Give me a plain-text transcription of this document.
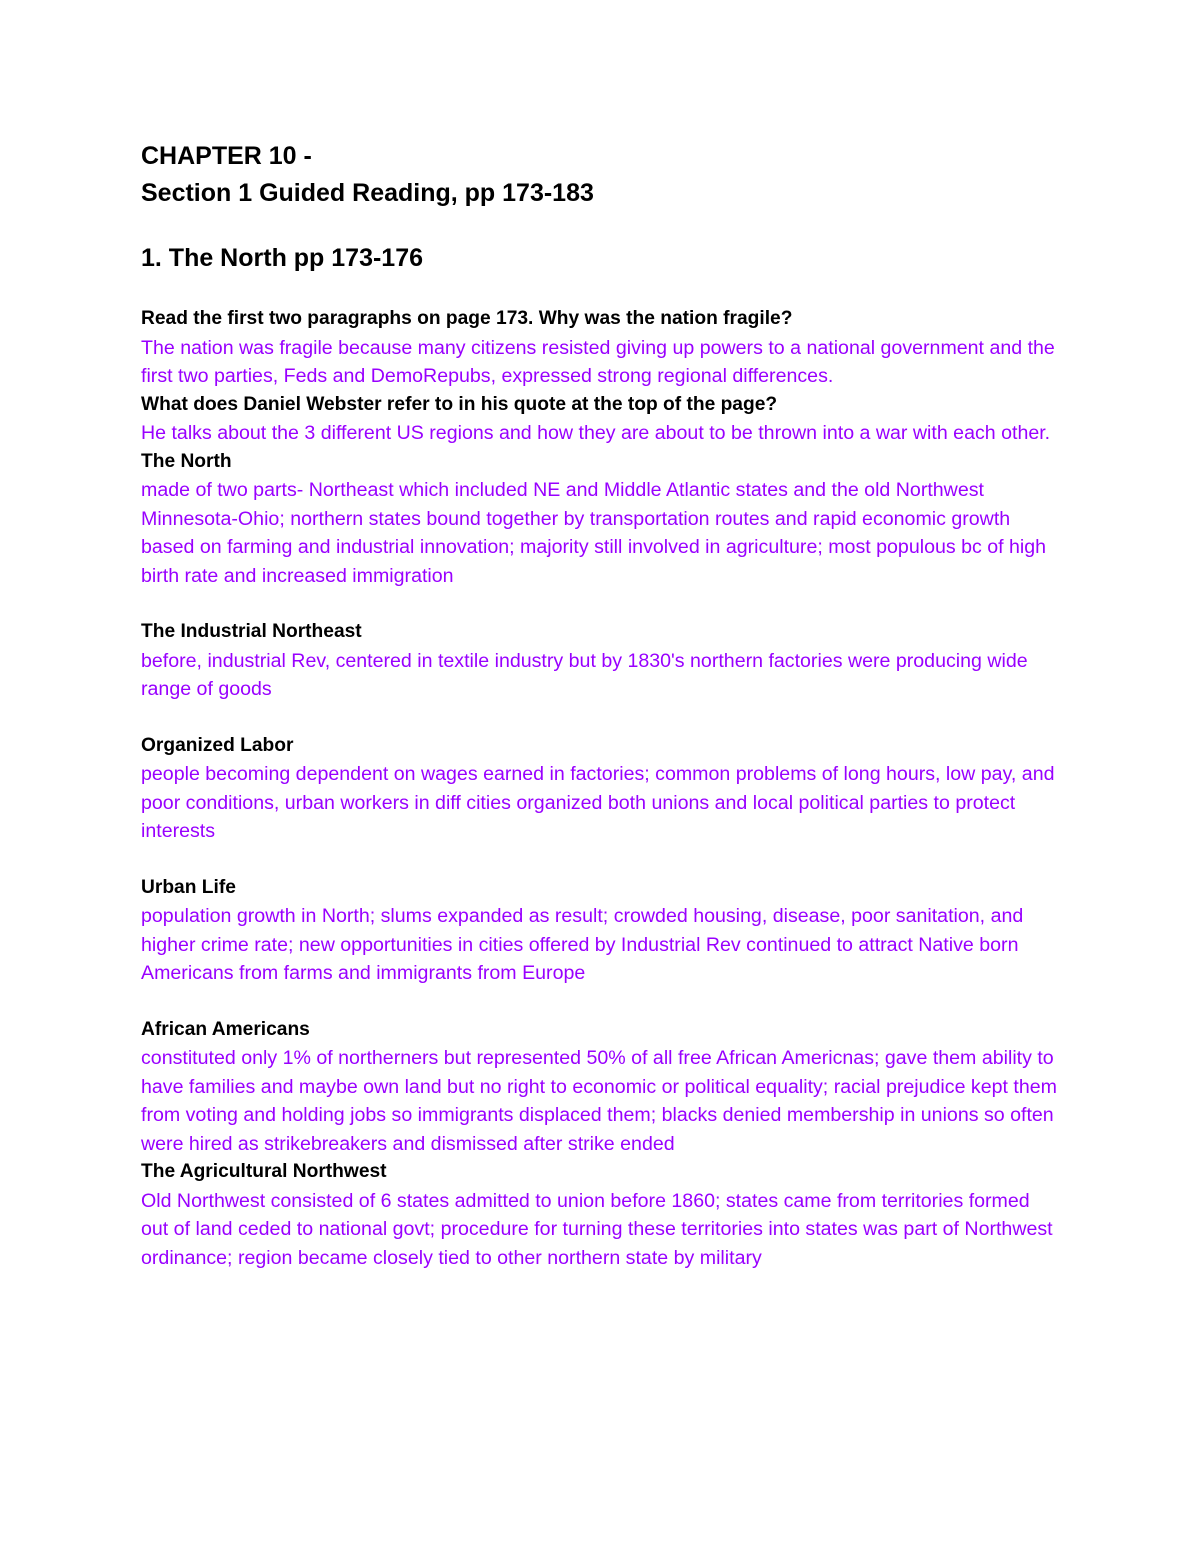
CHAPTER 10 -

Section 1 Guided Reading, pp 173-183

1. The North pp 173-176

Read the first two paragraphs on page 173. Why was the nation fragile?

The nation was fragile because many citizens resisted giving up powers to a national government and the first two parties, Feds and DemoRepubs, expressed strong regional differences.

What does Daniel Webster refer to in his quote at the top of the page?

He talks about the 3 different US regions and how they are about to be thrown into a war with each other.

The North

made of two parts- Northeast which included NE and Middle Atlantic states and the old Northwest Minnesota-Ohio; northern states bound together by transportation routes and rapid economic growth based on farming and industrial innovation; majority still involved in agriculture; most populous bc of high birth rate and increased immigration

The Industrial Northeast

before, industrial Rev, centered in textile industry but by 1830's northern factories were producing wide range of goods

Organized Labor

people becoming dependent on wages earned in factories; common problems of long hours, low pay, and poor conditions, urban workers in diff cities organized both unions and local political parties to protect interests

Urban Life

population growth in North; slums expanded as result; crowded housing, disease, poor sanitation, and higher crime rate; new opportunities in cities offered by Industrial Rev continued to attract Native born Americans from farms and immigrants from Europe

African Americans

constituted only 1% of northerners but represented 50% of all free African Americnas; gave them ability to have families and maybe own land but no right to economic or political equality; racial prejudice kept them from voting and holding jobs so immigrants displaced them; blacks denied membership in unions so often were hired as strikebreakers and dismissed after strike ended

The Agricultural Northwest

Old Northwest consisted of 6 states admitted to union before 1860; states came from territories formed out of land ceded to national govt; procedure for turning these territories into states was part of Northwest ordinance; region became closely tied to other northern state by military
